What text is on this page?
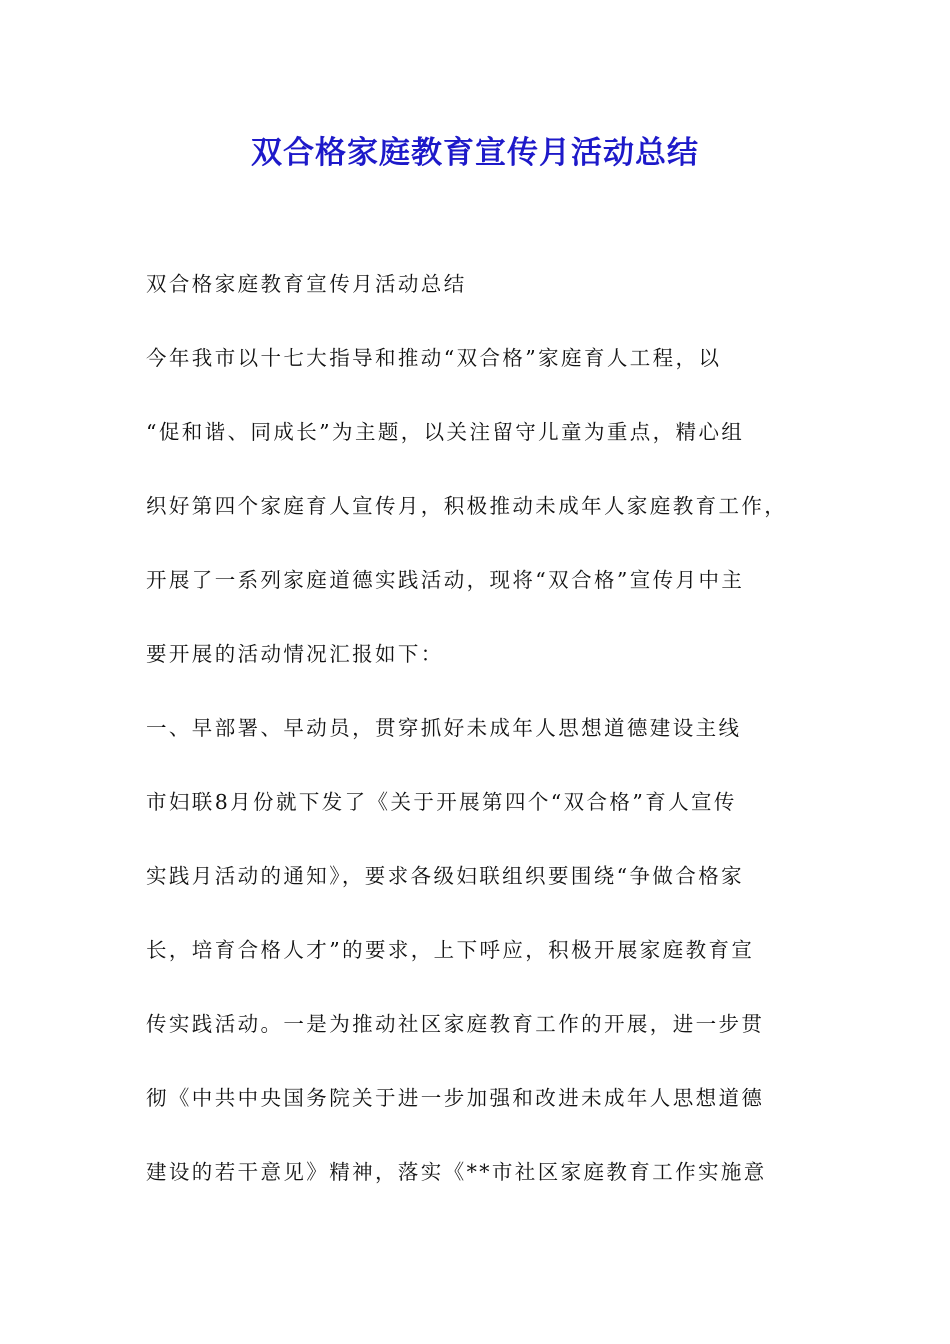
双合格家庭教育宣传月活动总结
双合格家庭教育宣传月活动总结
今年我市以十七大指导和推动“双合格”家庭育人工程，以
“促和谐、同成长”为主题，以关注留守儿童为重点，精心组
织好第四个家庭育人宣传月，积极推动未成年人家庭教育工作，
开展了一系列家庭道德实践活动，现将“双合格”宣传月中主
要开展的活动情况汇报如下：
一、早部署、早动员，贯穿抓好未成年人思想道德建设主线
市妇联8月份就下发了《关于开展第四个“双合格”育人宣传
实践月活动的通知》，要求各级妇联组织要围绕“争做合格家
长，培育合格人才”的要求，上下呼应，积极开展家庭教育宣
传实践活动。一是为推动社区家庭教育工作的开展，进一步贯
彻《中共中央国务院关于进一步加强和改进未成年人思想道德
建设的若干意见》精神，落实《**市社区家庭教育工作实施意
